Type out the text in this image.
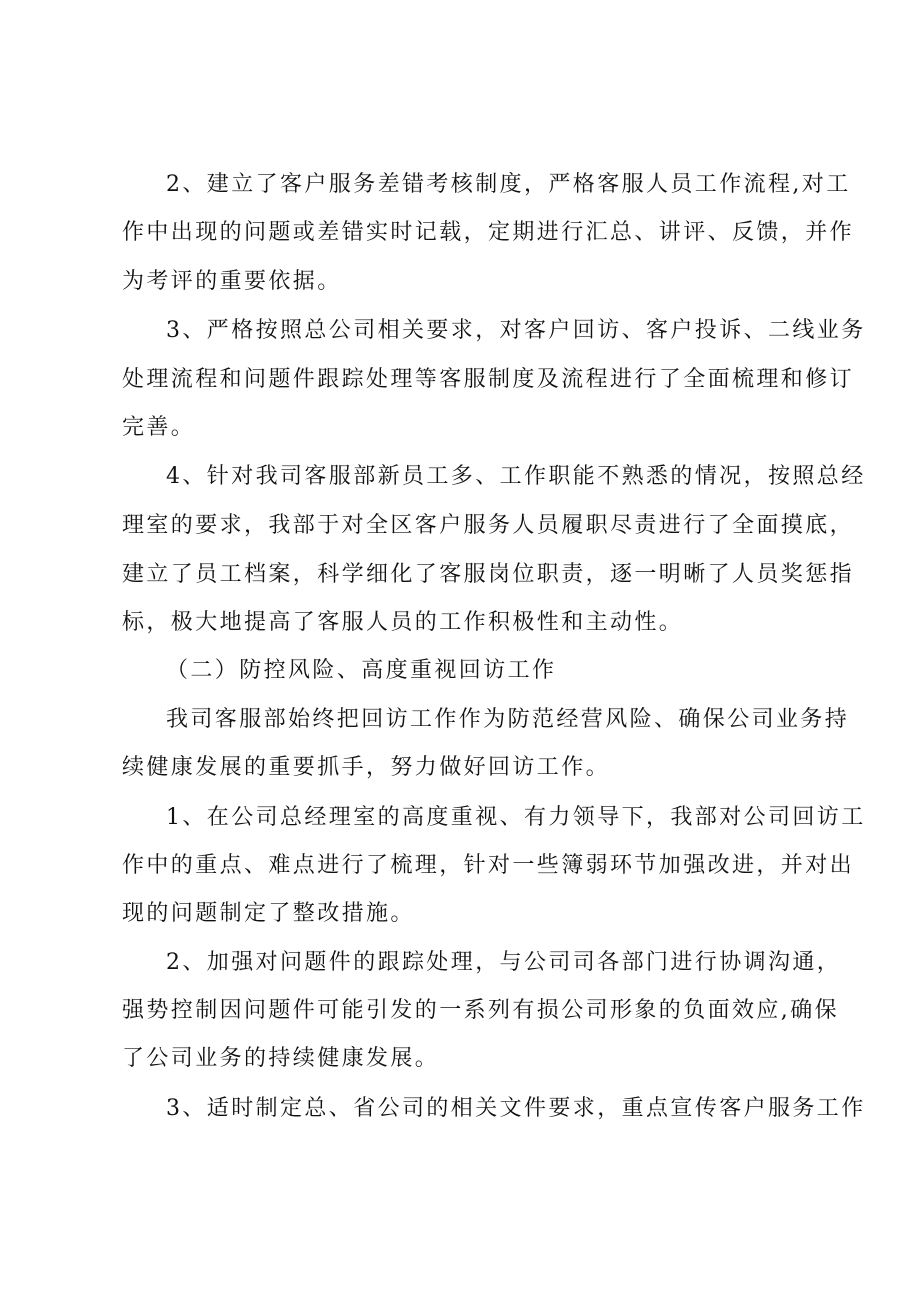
2、建立了客户服务差错考核制度，严格客服人员工作流程,对工
作中出现的问题或差错实时记载，定期进行汇总、讲评、反馈，并作
为考评的重要依据。
3、严格按照总公司相关要求，对客户回访、客户投诉、二线业务
处理流程和问题件跟踪处理等客服制度及流程进行了全面梳理和修订
完善。
4、针对我司客服部新员工多、工作职能不熟悉的情况，按照总经
理室的要求，我部于对全区客户服务人员履职尽责进行了全面摸底，
建立了员工档案，科学细化了客服岗位职责，逐一明晰了人员奖惩指
标，极大地提高了客服人员的工作积极性和主动性。
（二）防控风险、高度重视回访工作
我司客服部始终把回访工作作为防范经营风险、确保公司业务持
续健康发展的重要抓手，努力做好回访工作。
1、在公司总经理室的高度重视、有力领导下，我部对公司回访工
作中的重点、难点进行了梳理，针对一些簿弱环节加强改进，并对出
现的问题制定了整改措施。
2、加强对问题件的跟踪处理，与公司司各部门进行协调沟通，
强势控制因问题件可能引发的一系列有损公司形象的负面效应,确保
了公司业务的持续健康发展。
3、适时制定总、省公司的相关文件要求，重点宣传客户服务工作
